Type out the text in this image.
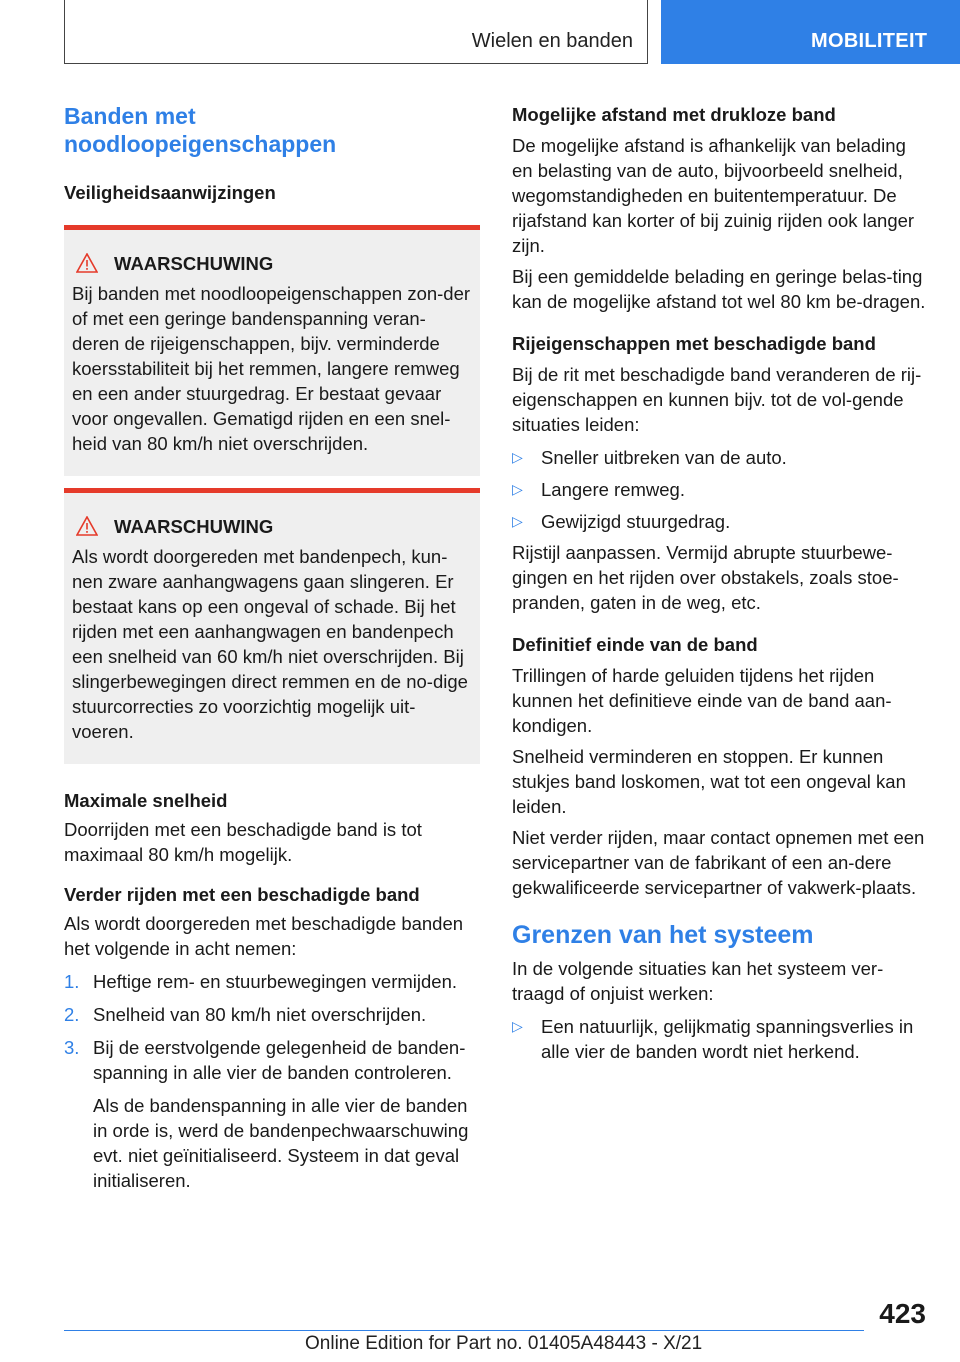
Wielen en banden	MOBILITEIT
Banden met noodloopeigenschappen
Veiligheidsaanwijzingen
WAARSCHUWING

Bij banden met noodloopeigenschappen zon‐der of met een geringe bandenspanning veran‐deren de rijeigenschappen, bijv. verminderde koersstabiliteit bij het remmen, langere remweg en een ander stuurgedrag. Er bestaat gevaar voor ongevallen. Gematigd rijden en een snel‐heid van 80 km/h niet overschrijden.

WAARSCHUWING

Als wordt doorgereden met bandenpech, kun‐nen zware aanhangwagens gaan slingeren. Er bestaat kans op een ongeval of schade. Bij het rijden met een aanhangwagen en bandenpech een snelheid van 60 km/h niet overschrijden. Bij slingerbewegingen direct remmen en de no‐dige stuurcorrecties zo voorzichtig mogelijk uit‐voeren.

Maximale snelheid

Doorrijden met een beschadigde band is tot maximaal 80 km/h mogelijk.

Verder rijden met een beschadigde band

Als wordt doorgereden met beschadigde banden het volgende in acht nemen:

1. Heftige rem- en stuurbewegingen vermijden.
2. Snelheid van 80 km/h niet overschrijden.
3. Bij de eerstvolgende gelegenheid de banden‐spanning in alle vier de banden controleren.

Als de bandenspanning in alle vier de banden in orde is, werd de bandenpechwaarschuwing evt. niet geïnitialiseerd. Systeem in dat geval initialiseren.

Mogelijke afstand met drukloze band

De mogelijke afstand is afhankelijk van belading en belasting van de auto, bijvoorbeeld snelheid, wegomstandigheden en buitentemperatuur. De rijafstand kan korter of bij zuinig rijden ook langer zijn.

Bij een gemiddelde belading en geringe belas‐ting kan de mogelijke afstand tot wel 80 km be‐dragen.

Rijeigenschappen met beschadigde band

Bij de rit met beschadigde band veranderen de rij-eigenschappen en kunnen bijv. tot de vol‐gende situaties leiden:

▷ Sneller uitbreken van de auto.
▷ Langere remweg.
▷ Gewijzigd stuurgedrag.

Rijstijl aanpassen. Vermijd abrupte stuurbewe‐gingen en het rijden over obstakels, zoals stoe‐pranden, gaten in de weg, etc.

Definitief einde van de band

Trillingen of harde geluiden tijdens het rijden kunnen het definitieve einde van de band aan‐kondigen.

Snelheid verminderen en stoppen. Er kunnen stukjes band loskomen, wat tot een ongeval kan leiden.

Niet verder rijden, maar contact opnemen met een servicepartner van de fabrikant of een an‐dere gekwalificeerde servicepartner of vakwerk‐plaats.

Grenzen van het systeem

In de volgende situaties kan het systeem ver‐traagd of onjuist werken:

▷ Een natuurlijk, gelijkmatig spanningsverlies in alle vier de banden wordt niet herkend.
423
Online Edition for Part no. 01405A48443 - X/21
